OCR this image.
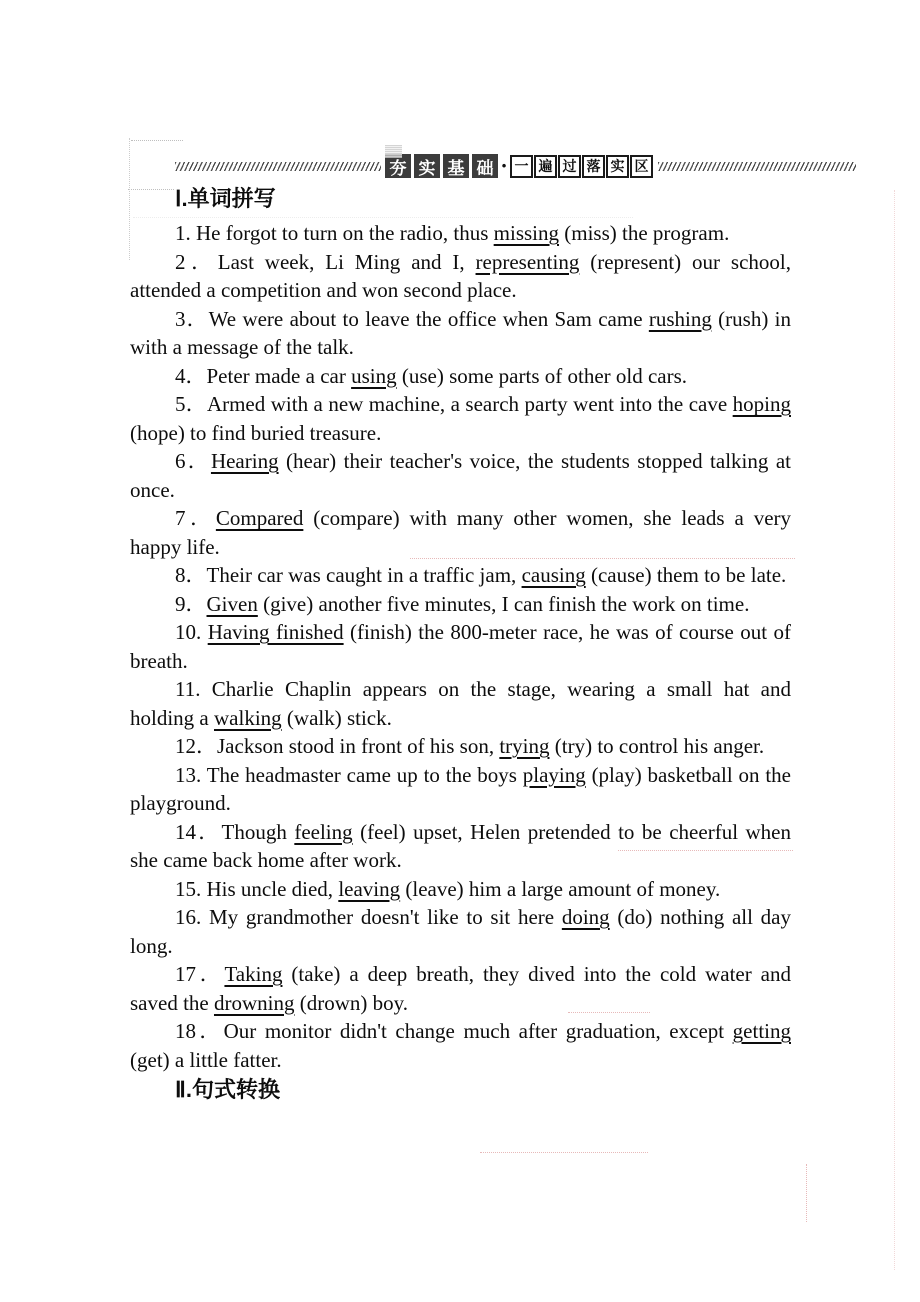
夯 实 基 础 · 一 遍 过 落 实 区
Ⅰ.单词拼写

1. He forgot to turn on the radio, thus missing (miss) the program.

2．Last week, Li Ming and I, representing (represent) our school, attended a competition and won second place.

3．We were about to leave the office when Sam came rushing (rush) in with a message of the talk.

4．Peter made a car using (use) some parts of other old cars.

5．Armed with a new machine, a search party went into the cave hoping (hope) to find buried treasure.

6．Hearing (hear) their teacher's voice, the students stopped talking at once.

7．Compared (compare) with many other women, she leads a very happy life.

8．Their car was caught in a traffic jam, causing (cause) them to be late.

9．Given (give) another five minutes, I can finish the work on time.

10. Having finished (finish) the 800-meter race, he was of course out of breath.

11. Charlie Chaplin appears on the stage, wearing a small hat and holding a walking (walk) stick.

12．Jackson stood in front of his son, trying (try) to control his anger.

13. The headmaster came up to the boys playing (play) basketball on the playground.

14．Though feeling (feel) upset, Helen pretended to be cheerful when she came back home after work.

15. His uncle died, leaving (leave) him a large amount of money.

16. My grandmother doesn't like to sit here doing (do) nothing all day long.

17．Taking (take) a deep breath, they dived into the cold water and saved the drowning (drown) boy.

18．Our monitor didn't change much after graduation, except getting (get) a little fatter.

Ⅱ.句式转换
